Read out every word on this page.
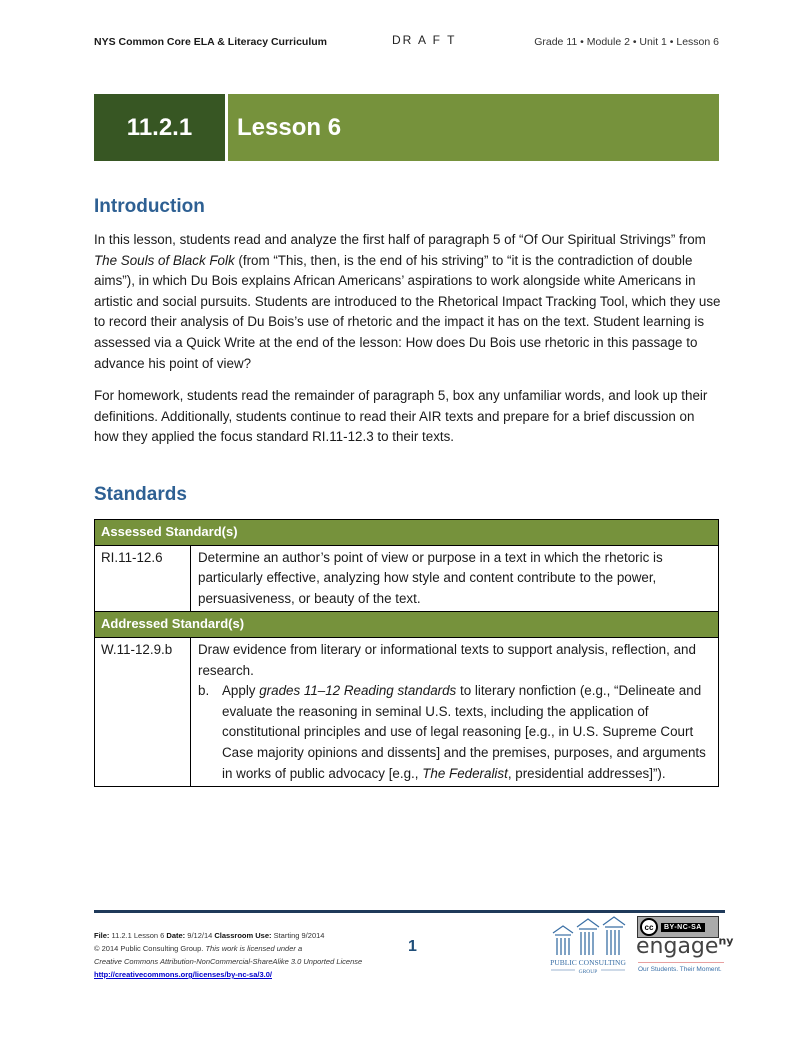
NYS Common Core ELA & Literacy Curriculum	DR A F T	Grade 11 • Module 2 • Unit 1 • Lesson 6
11.2.1	Lesson 6
Introduction
In this lesson, students read and analyze the first half of paragraph 5 of “Of Our Spiritual Strivings” from The Souls of Black Folk (from “This, then, is the end of his striving” to “it is the contradiction of double aims”), in which Du Bois explains African Americans’ aspirations to work alongside white Americans in artistic and social pursuits. Students are introduced to the Rhetorical Impact Tracking Tool, which they use to record their analysis of Du Bois’s use of rhetoric and the impact it has on the text. Student learning is assessed via a Quick Write at the end of the lesson: How does Du Bois use rhetoric in this passage to advance his point of view?
For homework, students read the remainder of paragraph 5, box any unfamiliar words, and look up their definitions. Additionally, students continue to read their AIR texts and prepare for a brief discussion on how they applied the focus standard RI.11-12.3 to their texts.
Standards
Assessed Standard(s)	
RI.11-12.6	Determine an author’s point of view or purpose in a text in which the rhetoric is particularly effective, analyzing how style and content contribute to the power, persuasiveness, or beauty of the text.
Addressed Standard(s)	
W.11-12.9.b	Draw evidence from literary or informational texts to support analysis, reflection, and research.
b. Apply grades 11–12 Reading standards to literary nonfiction (e.g., “Delineate and evaluate the reasoning in seminal U.S. texts, including the application of constitutional principles and use of legal reasoning [e.g., in U.S. Supreme Court Case majority opinions and dissents] and the premises, purposes, and arguments in works of public advocacy [e.g., The Federalist, presidential addresses]”).
File: 11.2.1 Lesson 6 Date: 9/12/14 Classroom Use: Starting 9/2014
© 2014 Public Consulting Group. This work is licensed under a
Creative Commons Attribution-NonCommercial-ShareAlike 3.0 Unported License
http://creativecommons.org/licenses/by-nc-sa/3.0/
1
PUBLIC CONSULTING
GROUP
cc	BY-NC-SA
engage$^{ny}$
Our Students. Their Moment.
